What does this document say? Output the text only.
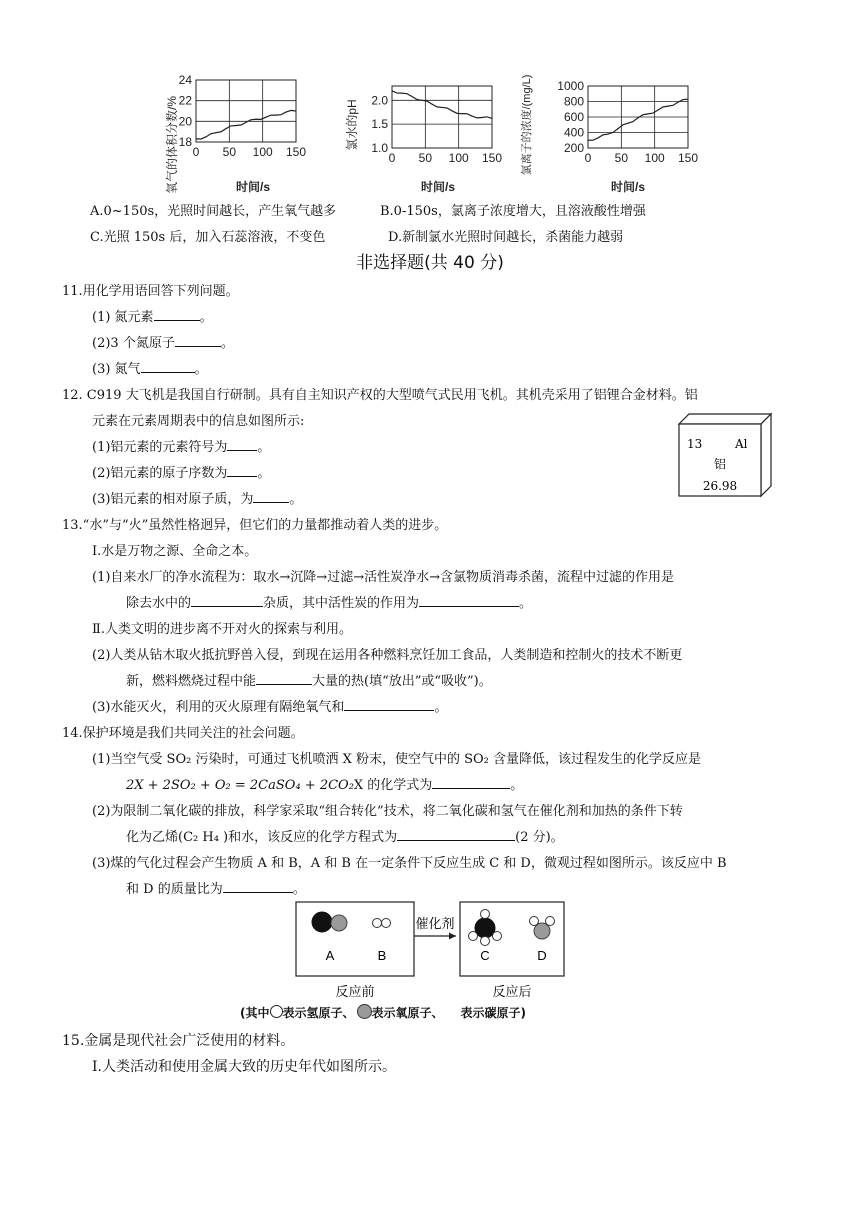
0 50 100 150
18
20
22
24
氧气的体积分数/%	时间/s
0 50 100 150
1.0
1.5
2.0
氯水的pH
时间/s
0 50 100 150
200
400
600
800
1000
氯离子的浓度/(mg/L)
时间/s
A.0~150s，光照时间越长，产生氧气越多	B.0-150s，氯离子浓度增大，且溶液酸性增强
C.光照 150s 后，加入石蕊溶液，不变色	D.新制氯水光照时间越长，杀菌能力越弱
非选择题(共 40 分)
11.用化学用语回答下列问题。
(1) 氮元素	。
(2)3 个氮原子	。
(3) 氮气	。
12. C919 大飞机是我国自行研制。具有自主知识产权的大型喷气式民用飞机。其机壳采用了铝锂合金材料。铝
元素在元素周期表中的信息如图所示:
(1)铝元素的元素符号为 。
(2)铝元素的原子序数为 。
(3)铝元素的相对原子质，为	。
13	Al
铝
26.98
13.“水”与“火”虽然性格迥异，但它们的力量都推动着人类的进步。
I.水是万物之源、全命之本。
(1)自来水厂的净水流程为：取水→沉降→过滤→活性炭净水→含氯物质消毒杀菌，流程中过滤的作用是
除去水中的	杂质，其中活性炭的作用为	。
Ⅱ.人类文明的进步离不开对火的探索与利用。
(2)人类从钻木取火抵抗野兽入侵，到现在运用各种燃料烹饪加工食品，人类制造和控制火的技术不断更
新，燃料燃烧过程中能	大量的热(填“放出”或“吸收”)。
(3)水能灭火，利用的灭火原理有隔绝氧气和	。
14.保护环境是我们共同关注的社会问题。
(1)当空气受 SO₂ 污染时，可通过飞机喷洒 X 粉末，使空气中的 SO₂ 含量降低，该过程发生的化学反应是
2X + 2SO₂ + O₂ = 2CaSO₄ + 2CO₂X 的化学式为	。
(2)为限制二氧化碳的排放，科学家采取“组合转化”技术，将二氧化碳和氢气在催化剂和加热的条件下转
化为乙烯(C₂ H₄ )和水，该反应的化学方程式为	(2 分)。
(3)煤的气化过程会产生物质 A 和 B，A 和 B 在一定条件下反应生成 C 和 D，微观过程如图所示。该反应中 B
和 D 的质量比为	。
A	B
催化剂
C	D
反应前	反应后
(其中 表示氢原子、 表示氧原子、 表示碳原子)
15.金属是现代社会广泛使用的材料。
I.人类活动和使用金属大致的历史年代如图所示。
